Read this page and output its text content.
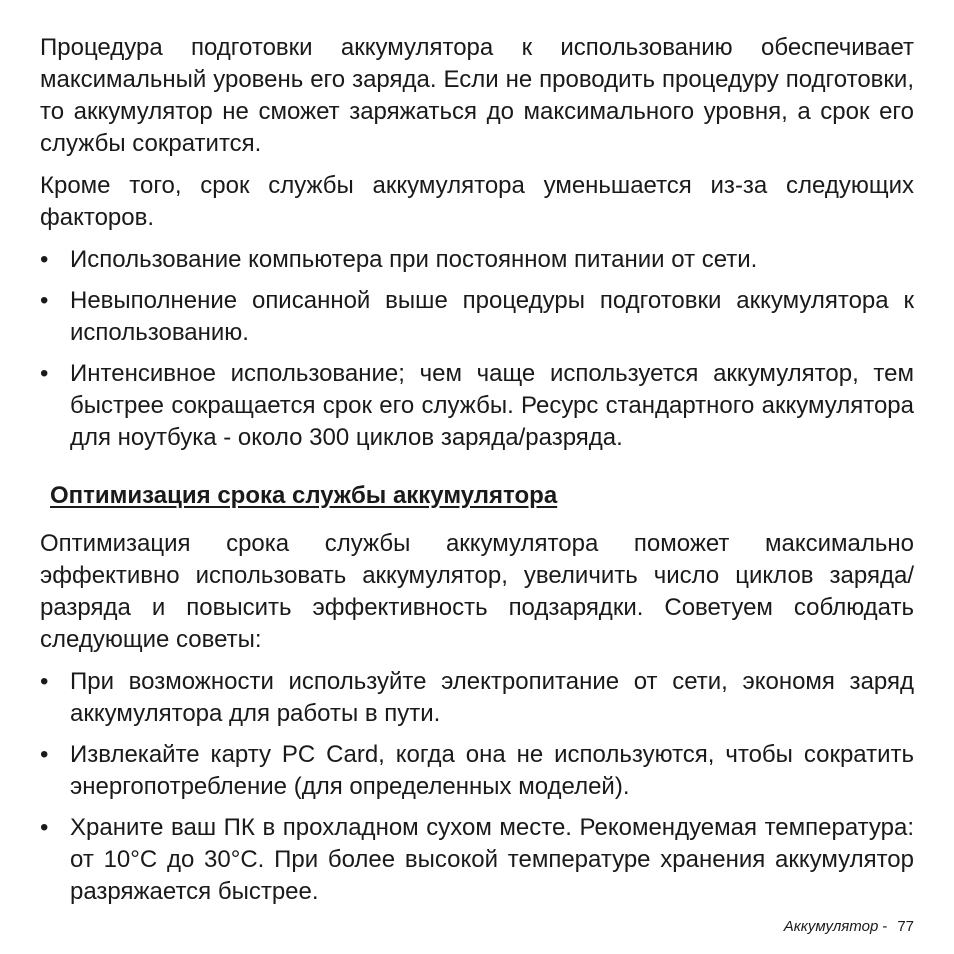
Процедура подготовки аккумулятора к использованию обеспечивает максимальный уровень его заряда. Если не проводить процедуру подготовки, то аккумулятор не сможет заряжаться до максимального уровня, а срок его службы сократится.

Кроме того, срок службы аккумулятора уменьшается из-за следующих факторов.

• Использование компьютера при постоянном питании от сети.
• Невыполнение описанной выше процедуры подготовки аккумулятора к использованию.
• Интенсивное использование; чем чаще используется аккумулятор, тем быстрее сокращается срок его службы. Ресурс стандартного аккумулятора для ноутбука - около 300 циклов заряда/разряда.
Оптимизация срока службы аккумулятора

Оптимизация срока службы аккумулятора поможет максимально эффективно использовать аккумулятор, увеличить число циклов заряда/разряда и повысить эффективность подзарядки. Советуем соблюдать следующие советы:

• При возможности используйте электропитание от сети, экономя заряд аккумулятора для работы в пути.
• Извлекайте карту PC Card, когда она не используются, чтобы сократить энергопотребление (для определенных моделей).
• Храните ваш ПК в прохладном сухом месте. Рекомендуемая температура: от 10°C до 30°C. При более высокой температуре хранения аккумулятор разряжается быстрее.
Аккумулятор - 77
